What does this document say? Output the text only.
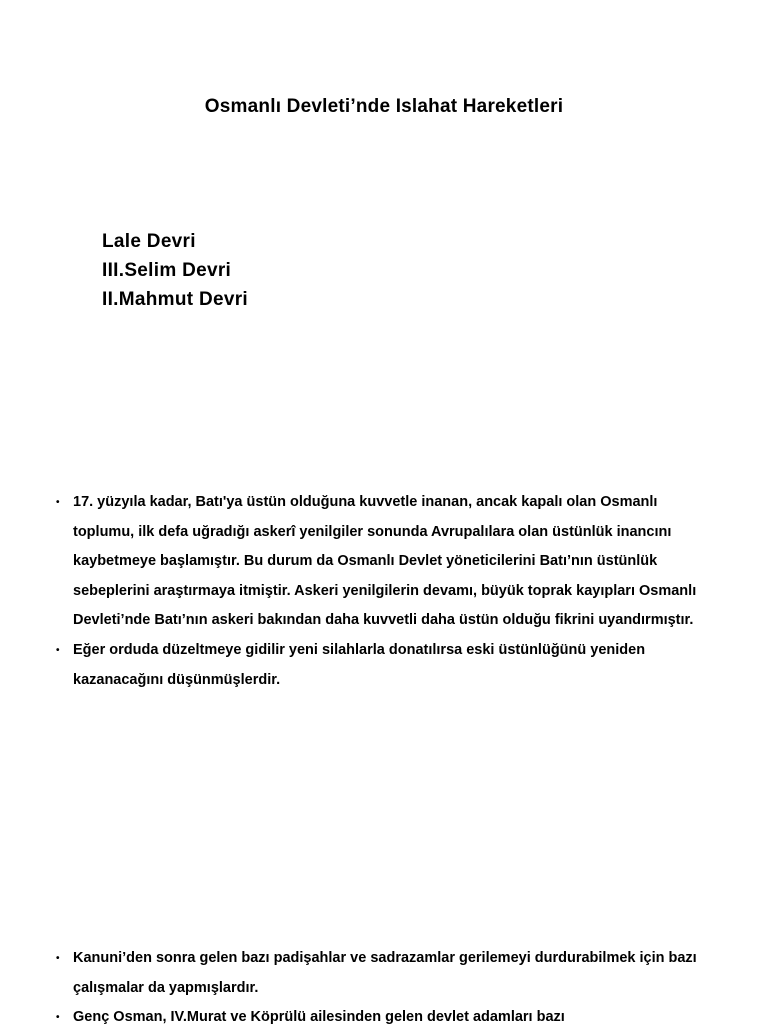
Osmanlı Devleti’nde Islahat Hareketleri
Lale Devri
III.Selim Devri
II.Mahmut Devri
• 17. yüzyıla kadar, Batı'ya üstün olduğuna kuvvetle inanan, ancak kapalı olan Osmanlı toplumu, ilk defa uğradığı askerî yenilgiler sonunda Avrupalılara olan üstünlük inancını kaybetmeye başlamıştır. Bu durum da Osmanlı Devlet yöneticilerini Batı’nın üstünlük sebeplerini araştırmaya itmiştir. Askeri yenilgilerin devamı, büyük toprak kayıpları Osmanlı Devleti’nde Batı’nın askeri bakından daha kuvvetli daha üstün olduğu fikrini uyandırmıştır.
• Eğer orduda düzeltmeye gidilir yeni silahlarla donatılırsa eski üstünlüğünü yeniden kazanacağını düşünmüşlerdir.
• Kanuni’den sonra gelen bazı padişahlar ve sadrazamlar gerilemeyi durdurabilmek için bazı çalışmalar da yapmışlardır.
• Genç Osman, IV.Murat ve Köprülü ailesinden gelen devlet adamları bazı
